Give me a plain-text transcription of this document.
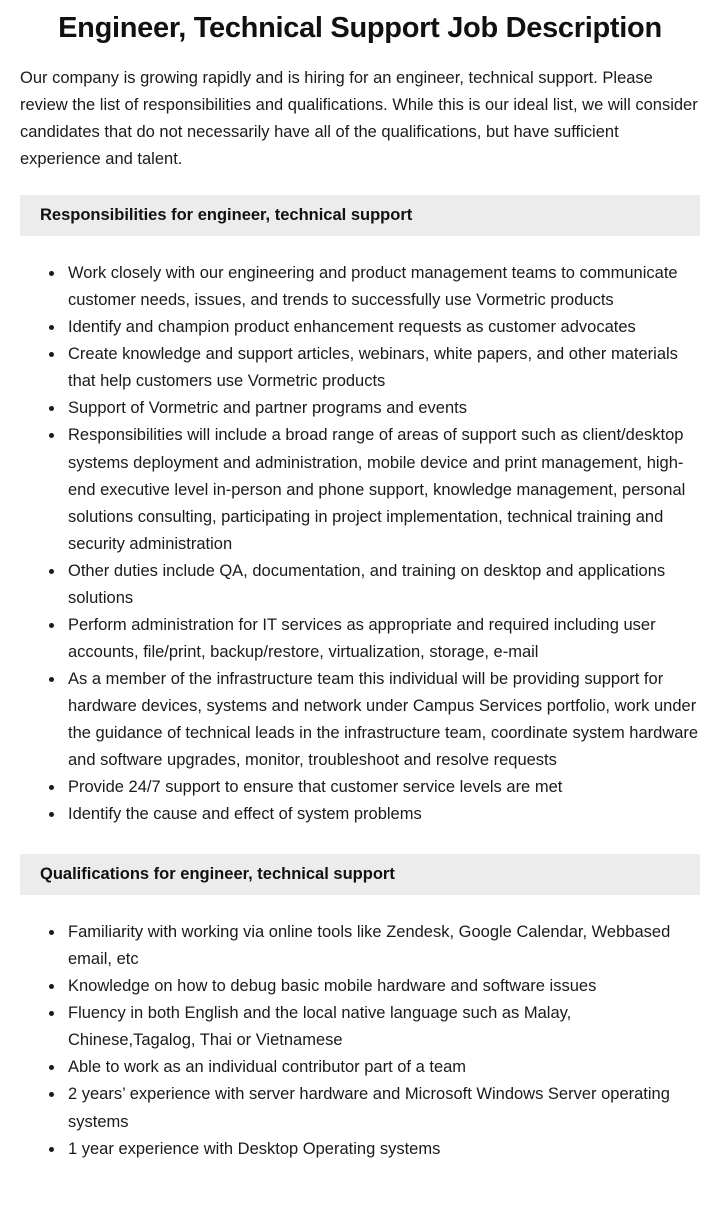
Engineer, Technical Support Job Description

Our company is growing rapidly and is hiring for an engineer, technical support. Please review the list of responsibilities and qualifications. While this is our ideal list, we will consider candidates that do not necessarily have all of the qualifications, but have sufficient experience and talent.

Responsibilities for engineer, technical support
• Work closely with our engineering and product management teams to communicate customer needs, issues, and trends to successfully use Vormetric products
• Identify and champion product enhancement requests as customer advocates
• Create knowledge and support articles, webinars, white papers, and other materials that help customers use Vormetric products
• Support of Vormetric and partner programs and events
• Responsibilities will include a broad range of areas of support such as client/desktop systems deployment and administration, mobile device and print management, high-end executive level in-person and phone support, knowledge management, personal solutions consulting, participating in project implementation, technical training and security administration
• Other duties include QA, documentation, and training on desktop and applications solutions
• Perform administration for IT services as appropriate and required including user accounts, file/print, backup/restore, virtualization, storage, e-mail
• As a member of the infrastructure team this individual will be providing support for hardware devices, systems and network under Campus Services portfolio, work under the guidance of technical leads in the infrastructure team, coordinate system hardware and software upgrades, monitor, troubleshoot and resolve requests
• Provide 24/7 support to ensure that customer service levels are met
• Identify the cause and effect of system problems
Qualifications for engineer, technical support
• Familiarity with working via online tools like Zendesk, Google Calendar, Webbased email, etc
• Knowledge on how to debug basic mobile hardware and software issues
• Fluency in both English and the local native language such as Malay, Chinese,Tagalog, Thai or Vietnamese
• Able to work as an individual contributor part of a team
• 2 years’ experience with server hardware and Microsoft Windows Server operating systems
• 1 year experience with Desktop Operating systems
